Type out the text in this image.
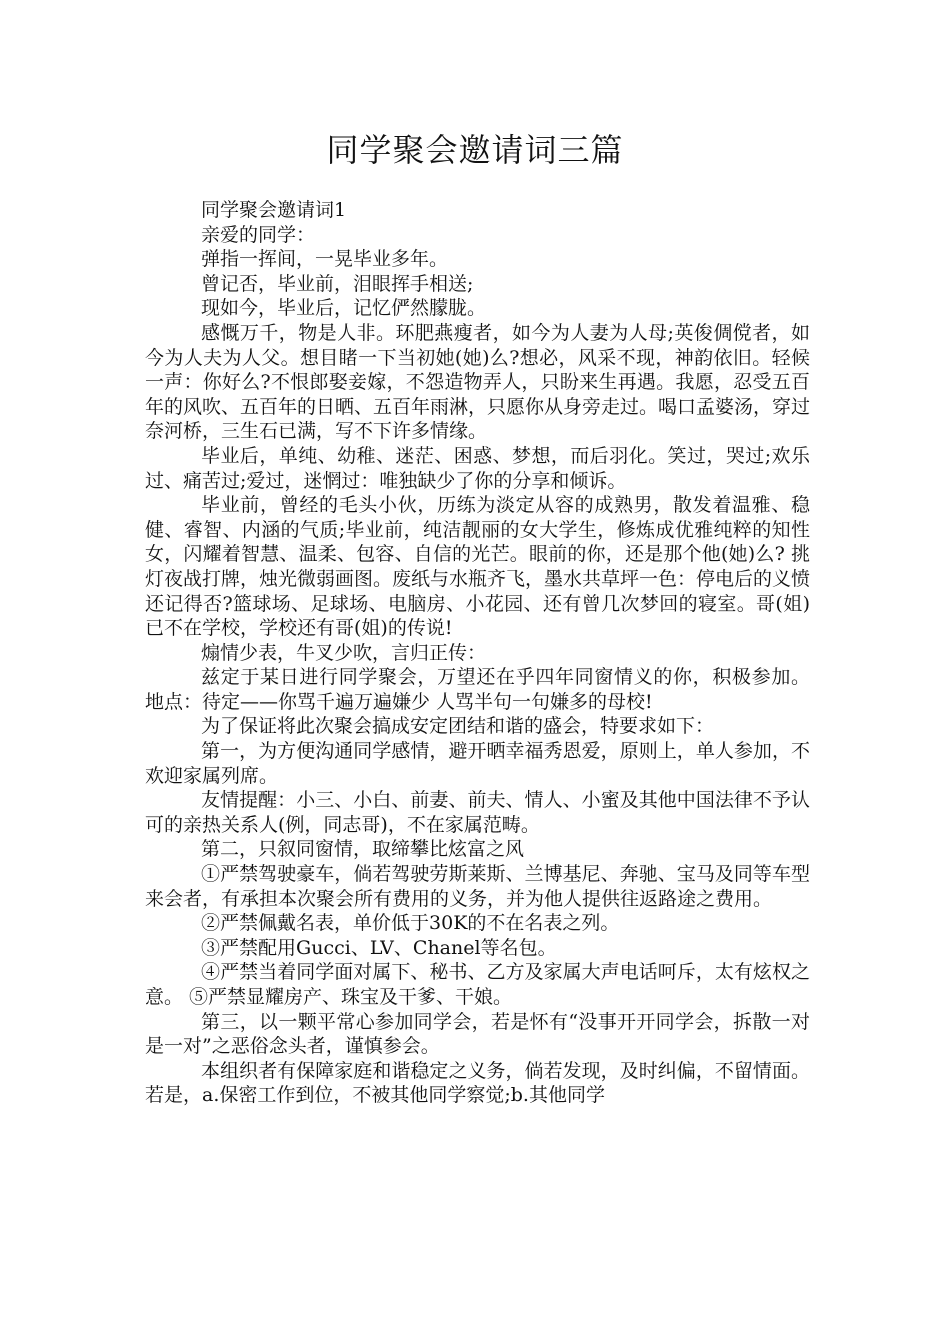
同学聚会邀请词三篇

同学聚会邀请词1

亲爱的同学：

弹指一挥间，一晃毕业多年。

曾记否，毕业前，泪眼挥手相送;

现如今，毕业后，记忆俨然朦胧。

感慨万千，物是人非。环肥燕瘦者，如今为人妻为人母;英俊倜傥者，如今为人夫为人父。想目睹一下当初她(她)么?想必，风采不现，神韵依旧。轻候一声：你好么?不恨郎娶妾嫁，不怨造物弄人，只盼来生再遇。我愿，忍受五百年的风吹、五百年的日晒、五百年雨淋，只愿你从身旁走过。喝口孟婆汤，穿过奈河桥，三生石已满，写不下许多情缘。

毕业后，单纯、幼稚、迷茫、困惑、梦想，而后羽化。笑过，哭过;欢乐过、痛苦过;爱过，迷惘过：唯独缺少了你的分享和倾诉。

毕业前，曾经的毛头小伙，历练为淡定从容的成熟男，散发着温雅、稳健、睿智、内涵的气质;毕业前，纯洁靓丽的女大学生，修炼成优雅纯粹的知性女，闪耀着智慧、温柔、包容、自信的光芒。眼前的你，还是那个他(她)么? 挑灯夜战打牌，烛光微弱画图。废纸与水瓶齐飞，墨水共草坪一色：停电后的义愤还记得否?篮球场、足球场、电脑房、小花园、还有曾几次梦回的寝室。哥(姐)已不在学校，学校还有哥(姐)的传说!

煽情少表，牛叉少吹，言归正传：

兹定于某日进行同学聚会，万望还在乎四年同窗情义的你，积极参加。 地点：待定——你骂千遍万遍嫌少 人骂半句一句嫌多的母校!

为了保证将此次聚会搞成安定团结和谐的盛会，特要求如下：

第一，为方便沟通同学感情，避开晒幸福秀恩爱，原则上，单人参加，不欢迎家属列席。

友情提醒：小三、小白、前妻、前夫、情人、小蜜及其他中国法律不予认可的亲热关系人(例，同志哥)，不在家属范畴。

第二，只叙同窗情，取缔攀比炫富之风

①严禁驾驶豪车，倘若驾驶劳斯莱斯、兰博基尼、奔驰、宝马及同等车型来会者，有承担本次聚会所有费用的义务，并为他人提供往返路途之费用。

②严禁佩戴名表，单价低于30K的不在名表之列。

③严禁配用Gucci、LV、Chanel等名包。

④严禁当着同学面对属下、秘书、乙方及家属大声电话呵斥，太有炫权之意。 ⑤严禁显耀房产、珠宝及干爹、干娘。

第三，以一颗平常心参加同学会，若是怀有“没事开开同学会，拆散一对是一对”之恶俗念头者，谨慎参会。

本组织者有保障家庭和谐稳定之义务，倘若发现，及时纠偏，不留情面。若是，a.保密工作到位，不被其他同学察觉;b.其他同学
